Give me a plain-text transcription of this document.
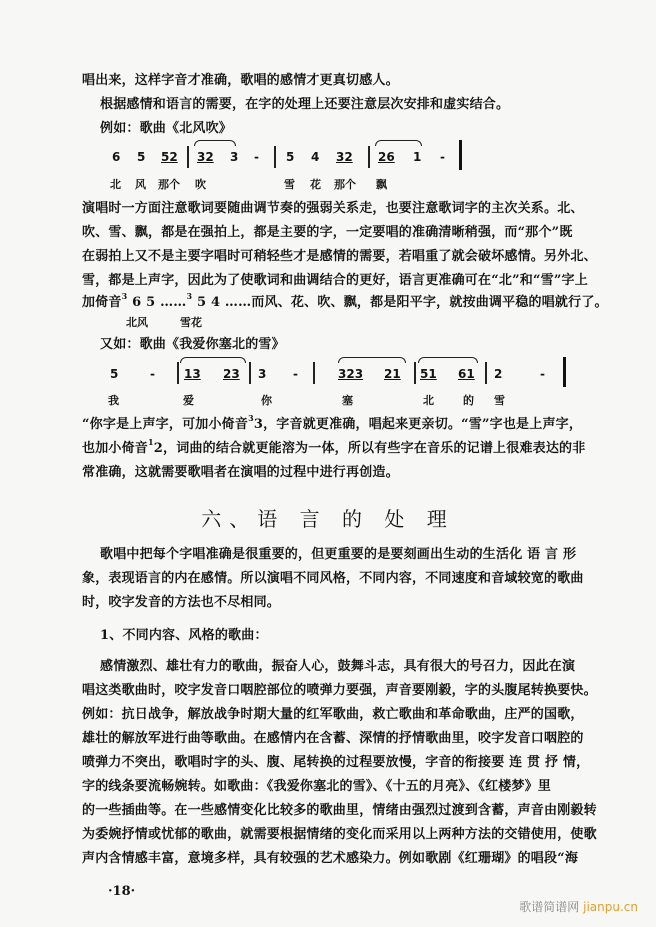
唱出来，这样字音才准确，歌唱的感情才更真切感人。
根据感情和语言的需要，在字的处理上还要注意层次安排和虚实结合。
例如：歌曲《北风吹》
6 5 52 32 3 - 5 4 32 26 1 -
北 风 那个 吹	雪 花 那个 飘
演唱时一方面注意歌词要随曲调节奏的强弱关系走，也要注意歌词字的主次关系。北、
吹、雪、飘，都是在强拍上，都是主要的字，一定要唱的准确清晰稍强，而“那个”既
在弱拍上又不是主要字唱时可稍轻些才是感情的需要，若唱重了就会破坏感情。另外北、
雪，都是上声字，因此为了使歌词和曲调结合的更好，语言更准确可在“北”和“雪”字上
加倚音$^3$ 6 5 ……$^3$ 5 4 ……而风、花、吹、飘，都是阳平字，就按曲调平稳的唱就行了。
北风	雪花
又如：歌曲《我爱你塞北的雪》
5	- 13 23 3 -	323 21 51 61 2	-
我	爱	你	塞	北	的 雪
“你字是上声字，可加小倚音$^3$3，字音就更准确，唱起来更亲切。“雪”字也是上声字，
也加小倚音$^1$2，词曲的结合就更能溶为一体，所以有些字在音乐的记谱上很难表达的非
常准确，这就需要歌唱者在演唱的过程中进行再创造。
六、语 言 的 处 理
歌唱中把每个字唱准确是很重要的，但更重要的是要刻画出生动的生活化 语 言 形
象，表现语言的内在感情。所以演唱不同风格，不同内容，不同速度和音域较宽的歌曲
时，咬字发音的方法也不尽相同。
1、不同内容、风格的歌曲：
感情激烈、雄壮有力的歌曲，振奋人心，鼓舞斗志，具有很大的号召力，因此在演
唱这类歌曲时，咬字发音口咽腔部位的喷弹力要强，声音要刚毅，字的头腹尾转换要快。
例如：抗日战争，解放战争时期大量的红军歌曲，救亡歌曲和革命歌曲，庄严的国歌，
雄壮的解放军进行曲等歌曲。在感情内在含蓄、深情的抒情歌曲里，咬字发音口咽腔的
喷弹力不突出，歌唱时字的头、腹、尾转换的过程要放慢，字音的衔接要 连 贯 抒 情，
字的线条要流畅婉转。如歌曲：《我爱你塞北的雪》、《十五的月亮》、《红楼梦》里
的一些插曲等。在一些感情变化比较多的歌曲里，情绪由强烈过渡到含蓄，声音由刚毅转
为委婉抒情或忧郁的歌曲，就需要根据情绪的变化而采用以上两种方法的交错使用，使歌
声内含情感丰富，意境多样，具有较强的艺术感染力。例如歌剧《红珊瑚》的唱段“海
·18·
歌谱简谱网 jianpu.cn
